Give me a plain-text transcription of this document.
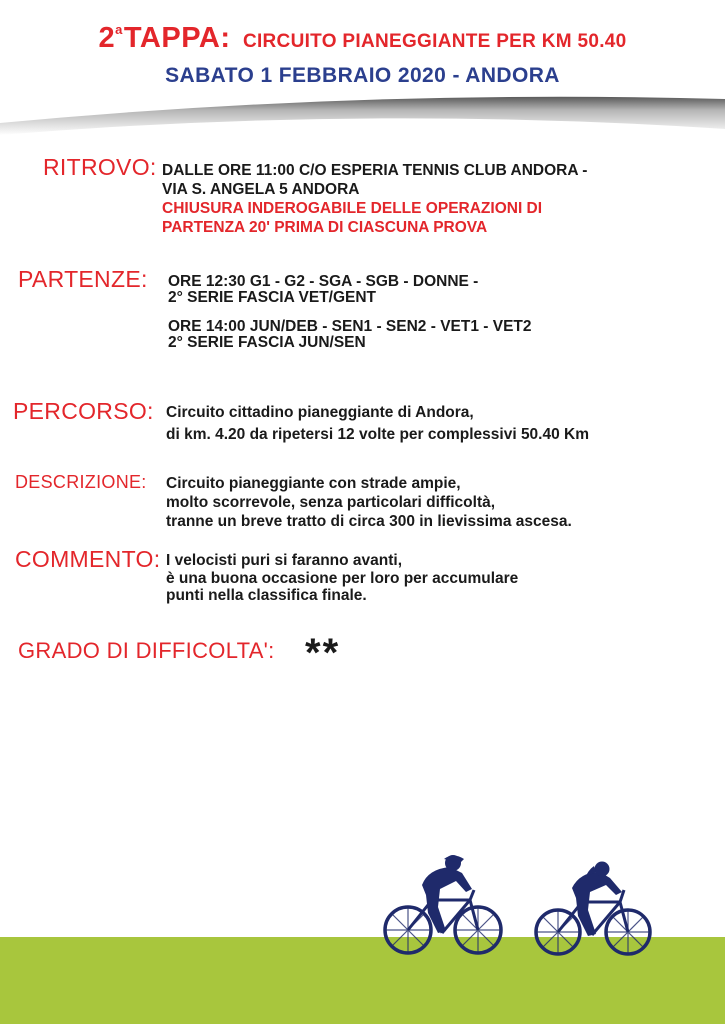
2$^a$TAPPA: CIRCUITO PIANEGGIANTE PER KM 50.40
SABATO 1 FEBBRAIO 2020 - ANDORA
RITROVO: DALLE ORE 11:00 C/O ESPERIA TENNIS CLUB ANDORA -
VIA S. ANGELA 5 ANDORA
CHIUSURA INDEROGABILE DELLE OPERAZIONI DI
PARTENZA 20' PRIMA DI CIASCUNA PROVA
PARTENZE: ORE 12:30 G1 - G2 - SGA - SGB - DONNE -
2° SERIE FASCIA VET/GENT
ORE 14:00 JUN/DEB - SEN1 - SEN2 - VET1 - VET2
2° SERIE FASCIA JUN/SEN
PERCORSO: Circuito cittadino pianeggiante di Andora,
di km. 4.20 da ripetersi 12 volte per complessivi 50.40 Km
DESCRIZIONE: Circuito pianeggiante con strade ampie,
molto scorrevole, senza particolari difficoltà,
tranne un breve tratto di circa 300 in lievissima ascesa.
COMMENTO: I velocisti puri si faranno avanti,
è una buona occasione per loro per accumulare
punti nella classifica finale.
GRADO DI DIFFICOLTA': **
